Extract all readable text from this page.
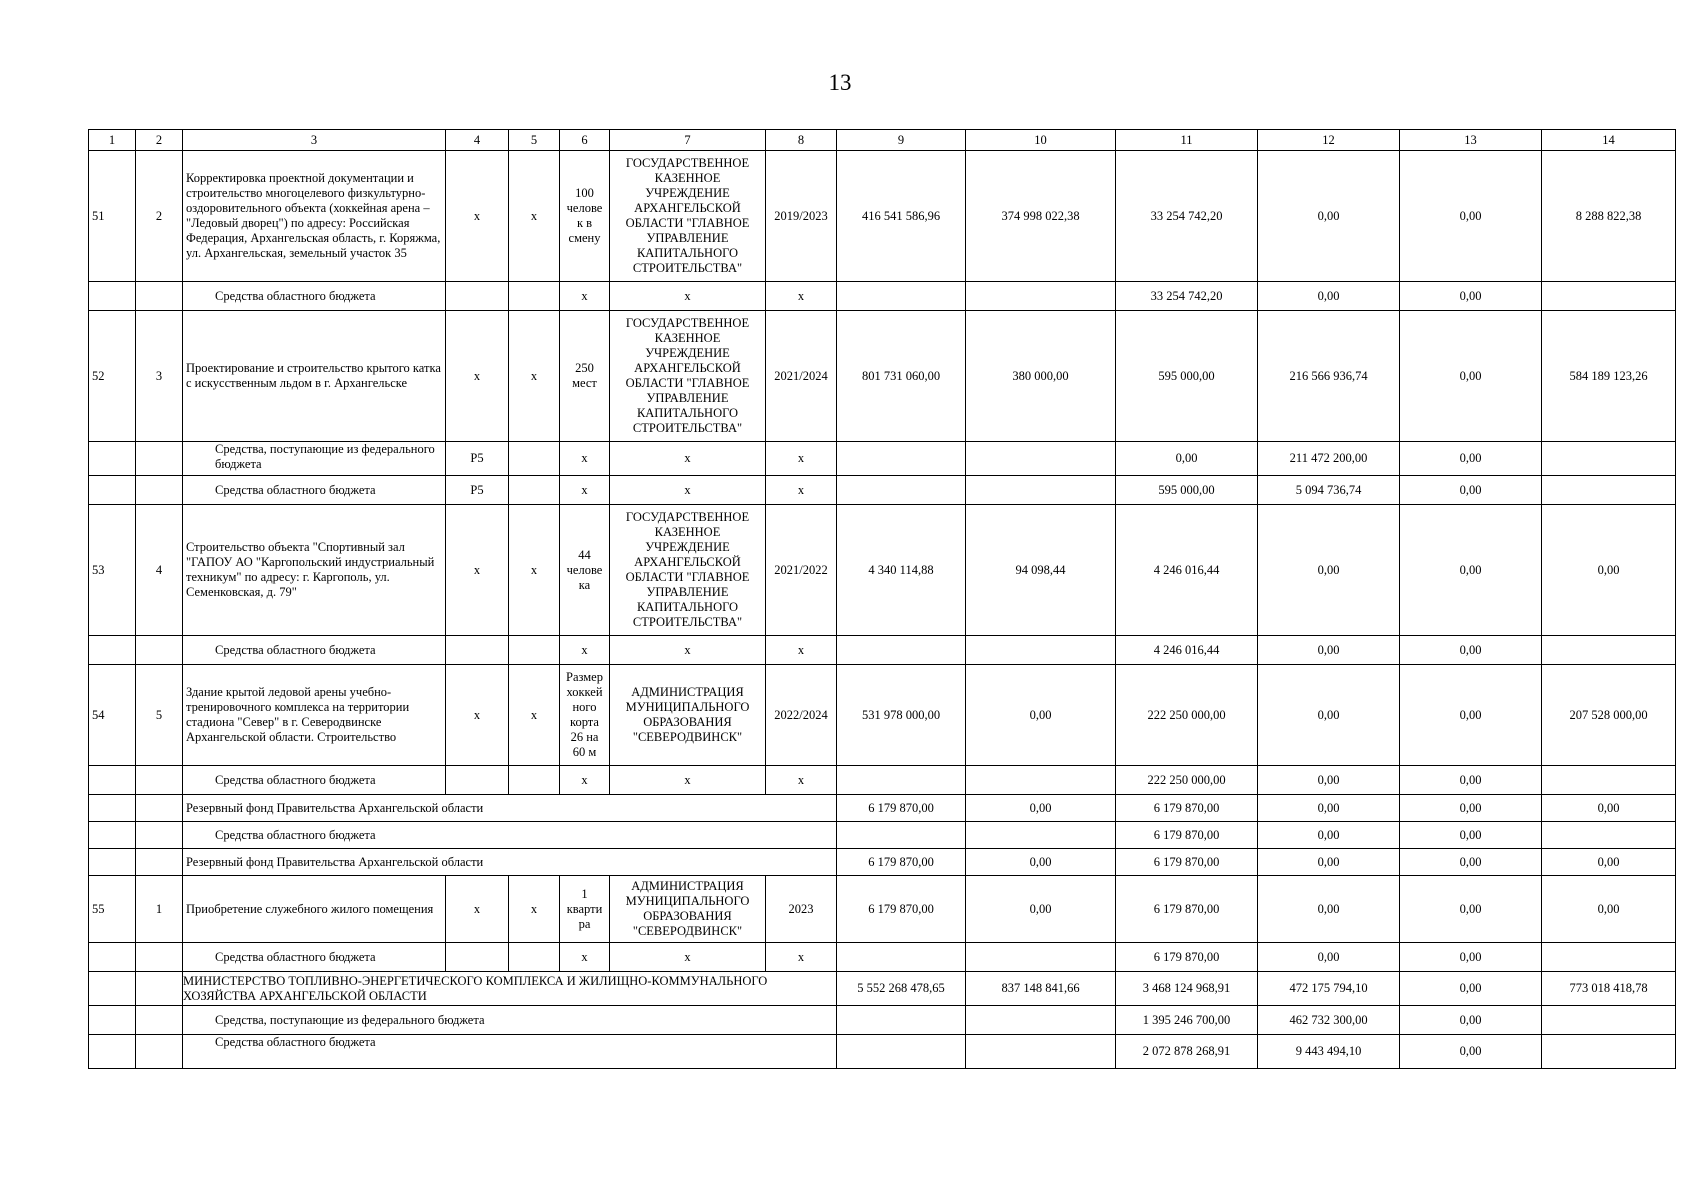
13
1	2	3	4	5	6	7	8	9	10	11	12	13	14
51	2	Корректировка проектной документации и строительство многоцелевого физкультурно-оздоровительного объекта (хоккейная арена – "Ледовый дворец") по адресу: Российская Федерация, Архангельская область, г. Коряжма, ул. Архангельская, земельный участок 35	х	х	100 челове к в смену	ГОСУДАРСТВЕННОЕ КАЗЕННОЕ УЧРЕЖДЕНИЕ АРХАНГЕЛЬСКОЙ ОБЛАСТИ "ГЛАВНОЕ УПРАВЛЕНИЕ КАПИТАЛЬНОГО СТРОИТЕЛЬСТВА"	2019/2023	416 541 586,96	374 998 022,38	33 254 742,20	0,00	0,00	8 288 822,38
		Средства областного бюджета			х	х	х			33 254 742,20	0,00	0,00	
52	3	Проектирование и строительство крытого катка с искусственным льдом в г. Архангельске	х	х	250 мест	ГОСУДАРСТВЕННОЕ КАЗЕННОЕ УЧРЕЖДЕНИЕ АРХАНГЕЛЬСКОЙ ОБЛАСТИ "ГЛАВНОЕ УПРАВЛЕНИЕ КАПИТАЛЬНОГО СТРОИТЕЛЬСТВА"	2021/2024	801 731 060,00	380 000,00	595 000,00	216 566 936,74	0,00	584 189 123,26
		Средства, поступающие из федерального бюджета	Р5		х	х	х			0,00	211 472 200,00	0,00	
		Средства областного бюджета	Р5		х	х	х			595 000,00	5 094 736,74	0,00	
53	4	Строительство объекта "Спортивный зал "ГАПОУ АО "Каргопольский индустриальный техникум" по адресу: г. Каргополь, ул. Семенковская, д. 79"	х	х	44 челове ка	ГОСУДАРСТВЕННОЕ КАЗЕННОЕ УЧРЕЖДЕНИЕ АРХАНГЕЛЬСКОЙ ОБЛАСТИ "ГЛАВНОЕ УПРАВЛЕНИЕ КАПИТАЛЬНОГО СТРОИТЕЛЬСТВА"	2021/2022	4 340 114,88	94 098,44	4 246 016,44	0,00	0,00	0,00
		Средства областного бюджета			х	х	х			4 246 016,44	0,00	0,00	
54	5	Здание крытой ледовой арены учебно-тренировочного комплекса на территории стадиона "Север" в г. Северодвинске Архангельской области. Строительство	х	х	Размер хоккей ного корта 26 на 60 м	АДМИНИСТРАЦИЯ МУНИЦИПАЛЬНОГО ОБРАЗОВАНИЯ "СЕВЕРОДВИНСК"	2022/2024	531 978 000,00	0,00	222 250 000,00	0,00	0,00	207 528 000,00
		Средства областного бюджета			х	х	х			222 250 000,00	0,00	0,00	
		Резервный фонд Правительства Архангельской области						6 179 870,00	0,00	6 179 870,00	0,00	0,00	0,00
		Средства областного бюджета								6 179 870,00	0,00	0,00	
		Резервный фонд Правительства Архангельской области						6 179 870,00	0,00	6 179 870,00	0,00	0,00	0,00
55	1	Приобретение служебного жилого помещения	х	х	1 кварти ра	АДМИНИСТРАЦИЯ МУНИЦИПАЛЬНОГО ОБРАЗОВАНИЯ "СЕВЕРОДВИНСК"	2023	6 179 870,00	0,00	6 179 870,00	0,00	0,00	0,00
		Средства областного бюджета			х	х	х			6 179 870,00	0,00	0,00	
		МИНИСТЕРСТВО ТОПЛИВНО-ЭНЕРГЕТИЧЕСКОГО КОМПЛЕКСА И ЖИЛИЩНО-КОММУНАЛЬНОГО ХОЗЯЙСТВА АРХАНГЕЛЬСКОЙ ОБЛАСТИ						5 552 268 478,65	837 148 841,66	3 468 124 968,91	472 175 794,10	0,00	773 018 418,78
		Средства, поступающие из федерального бюджета								1 395 246 700,00	462 732 300,00	0,00	
		Средства областного бюджета								2 072 878 268,91	9 443 494,10	0,00	
